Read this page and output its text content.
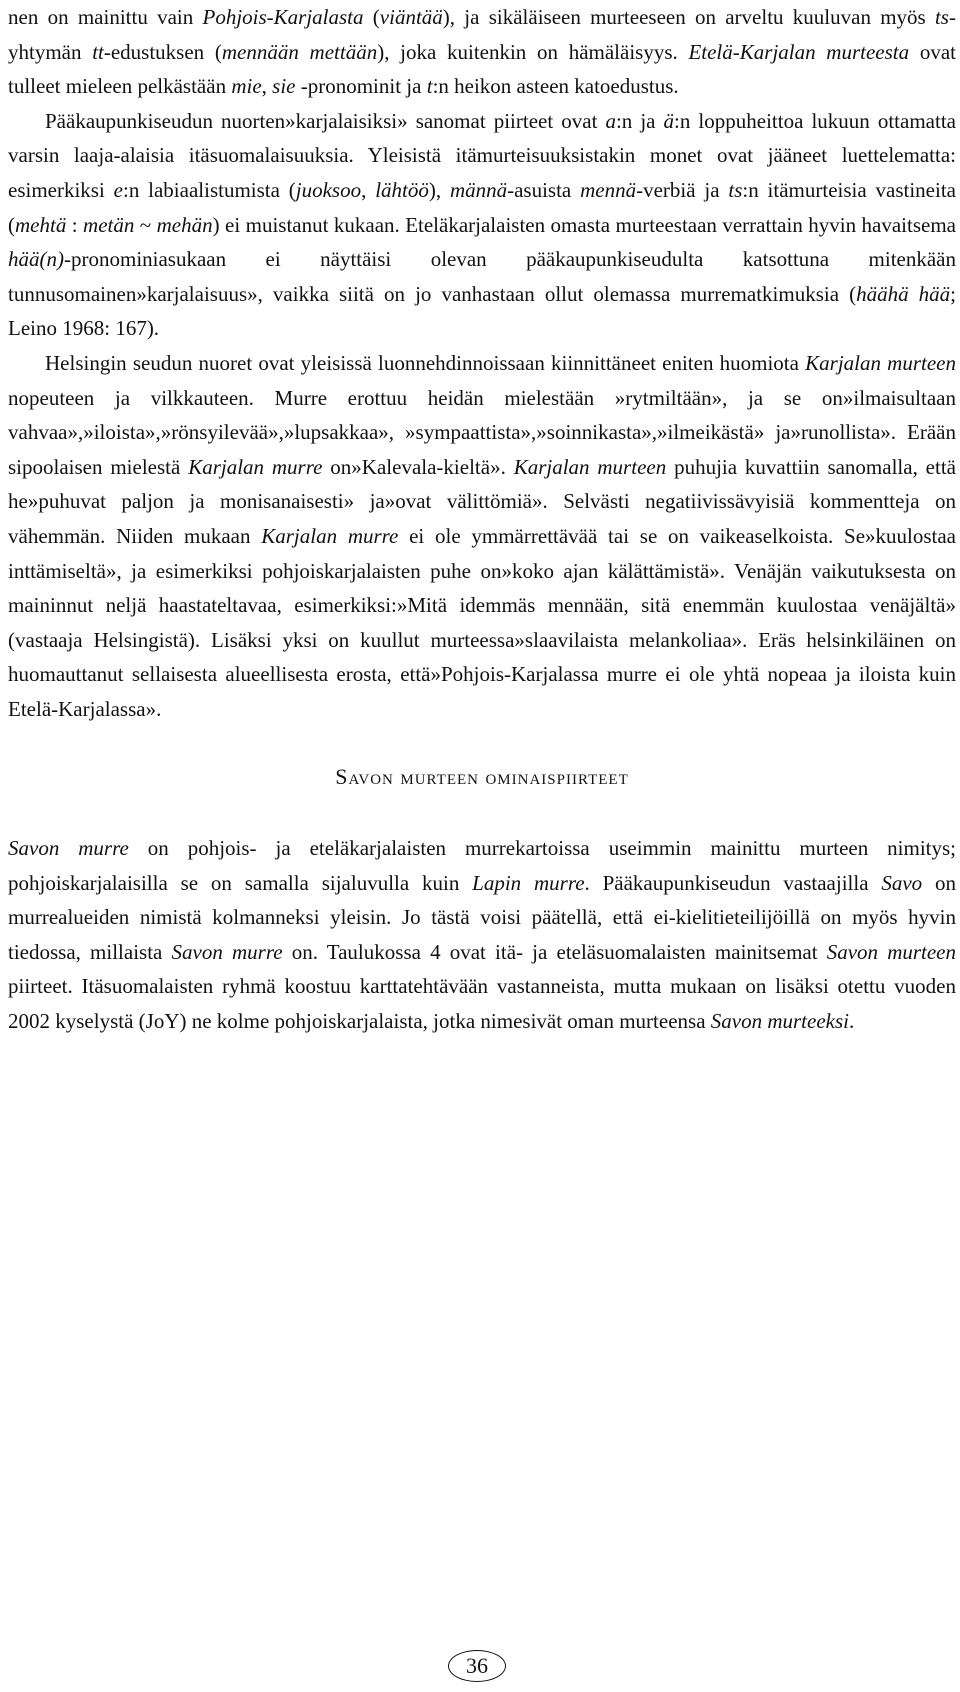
nen on mainittu vain Pohjois-Karjalasta (viäntää), ja sikäläiseen murteeseen on arveltu kuuluvan myös ts-yhtymän tt-edustuksen (mennään mettään), joka kuitenkin on hämäläisyys. Etelä-Karjalan murteesta ovat tulleet mieleen pelkästään mie, sie -pronominit ja t:n heikon asteen katoedustus.

Pääkaupunkiseudun nuorten»karjalaisiksi» sanomat piirteet ovat a:n ja ä:n loppuheittoa lukuun ottamatta varsin laaja-alaisia itäsuomalaisuuksia. Yleisistä itämurteisuuksistakin monet ovat jääneet luettelematta: esimerkiksi e:n labiaalistumista (juoksoo, lähtöö), männä-asuista mennä-verbiä ja ts:n itämurteisia vastineita (mehtä : metän ~ mehän) ei muistanut kukaan. Eteläkarjalaisten omasta murteestaan verrattain hyvin havaitsema hää(n)-pronominiasukaan ei näyttäisi olevan pääkaupunkiseudulta katsottuna mitenkään tunnusomainen»karjalaisuus», vaikka siitä on jo vanhastaan ollut olemassa murrematkimuksia (häähä hää; Leino 1968: 167).

Helsingin seudun nuoret ovat yleisissä luonnehdinnoissaan kiinnittäneet eniten huomiota Karjalan murteen nopeuteen ja vilkkauteen. Murre erottuu heidän mielestään »rytmiltään», ja se on»ilmaisultaan vahvaa»,»iloista»,»rönsyilevää»,»lupsakkaa», »sympaattista»,»soinnikasta»,»ilmeikästä» ja»runollista». Erään sipoolaisen mielestä Karjalan murre on»Kalevala-kieltä». Karjalan murteen puhujia kuvattiin sanomalla, että he»puhuvat paljon ja monisanaisesti» ja»ovat välittömiä». Selvästi negatiivissävyisiä kommentteja on vähemmän. Niiden mukaan Karjalan murre ei ole ymmärrettävää tai se on vaikeaselkoista. Se»kuulostaa inttämiseltä», ja esimerkiksi pohjoiskarjalaisten puhe on»koko ajan kälättämistä». Venäjän vaikutuksesta on maininnut neljä haastateltavaa, esimerkiksi:»Mitä idemmäs mennään, sitä enemmän kuulostaa venäjältä» (vastaaja Helsingistä). Lisäksi yksi on kuullut murteessa»slaavilaista melankoliaa». Eräs helsinkiläinen on huomauttanut sellaisesta alueellisesta erosta, että»Pohjois-Karjalassa murre ei ole yhtä nopeaa ja iloista kuin Etelä-Karjalassa».

Savon murteen ominaispiirteet

Savon murre on pohjois- ja eteläkarjalaisten murrekartoissa useimmin mainittu murteen nimitys; pohjoiskarjalaisilla se on samalla sijaluvulla kuin Lapin murre. Pääkaupunkiseudun vastaajilla Savo on murrealueiden nimistä kolmanneksi yleisin. Jo tästä voisi päätellä, että ei-kielitieteilijöillä on myös hyvin tiedossa, millaista Savon murre on. Taulukossa 4 ovat itä- ja eteläsuomalaisten mainitsemat Savon murteen piirteet. Itäsuomalaisten ryhmä koostuu karttatehtävään vastanneista, mutta mukaan on lisäksi otettu vuoden 2002 kyselystä (JoY) ne kolme pohjoiskarjalaista, jotka nimesivät oman murteensa Savon murteeksi.

36
